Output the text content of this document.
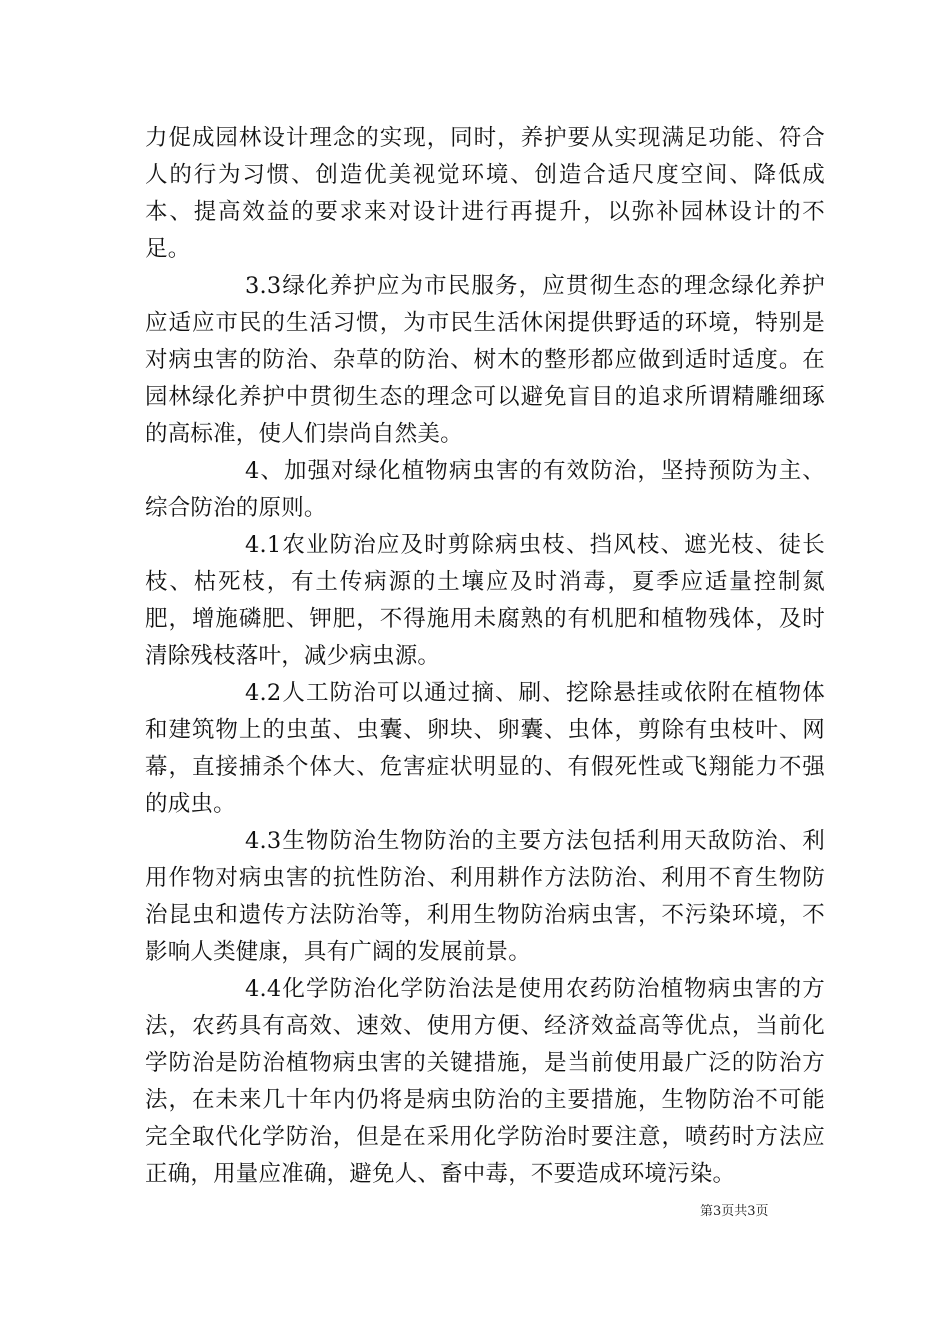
力促成园林设计理念的实现，同时，养护要从实现满足功能、符合人的行为习惯、创造优美视觉环境、创造合适尺度空间、降低成本、提高效益的要求来对设计进行再提升，以弥补园林设计的不足。

3.3绿化养护应为市民服务，应贯彻生态的理念绿化养护应适应市民的生活习惯，为市民生活休闲提供野适的环境，特别是对病虫害的防治、杂草的防治、树木的整形都应做到适时适度。在园林绿化养护中贯彻生态的理念可以避免盲目的追求所谓精雕细琢的高标准，使人们崇尚自然美。

4、加强对绿化植物病虫害的有效防治，坚持预防为主、综合防治的原则。

4.1农业防治应及时剪除病虫枝、挡风枝、遮光枝、徒长枝、枯死枝，有土传病源的土壤应及时消毒，夏季应适量控制氮肥，增施磷肥、钾肥，不得施用未腐熟的有机肥和植物残体，及时清除残枝落叶，减少病虫源。

4.2人工防治可以通过摘、刷、挖除悬挂或依附在植物体和建筑物上的虫茧、虫囊、卵块、卵囊、虫体，剪除有虫枝叶、网幕，直接捕杀个体大、危害症状明显的、有假死性或飞翔能力不强的成虫。

4.3生物防治生物防治的主要方法包括利用天敌防治、利用作物对病虫害的抗性防治、利用耕作方法防治、利用不育生物防治昆虫和遗传方法防治等，利用生物防治病虫害，不污染环境，不影响人类健康，具有广阔的发展前景。

4.4化学防治化学防治法是使用农药防治植物病虫害的方法，农药具有高效、速效、使用方便、经济效益高等优点，当前化学防治是防治植物病虫害的关键措施，是当前使用最广泛的防治方法，在未来几十年内仍将是病虫防治的主要措施，生物防治不可能完全取代化学防治，但是在采用化学防治时要注意，喷药时方法应正确，用量应准确，避免人、畜中毒，不要造成环境污染。

第3页共3页
